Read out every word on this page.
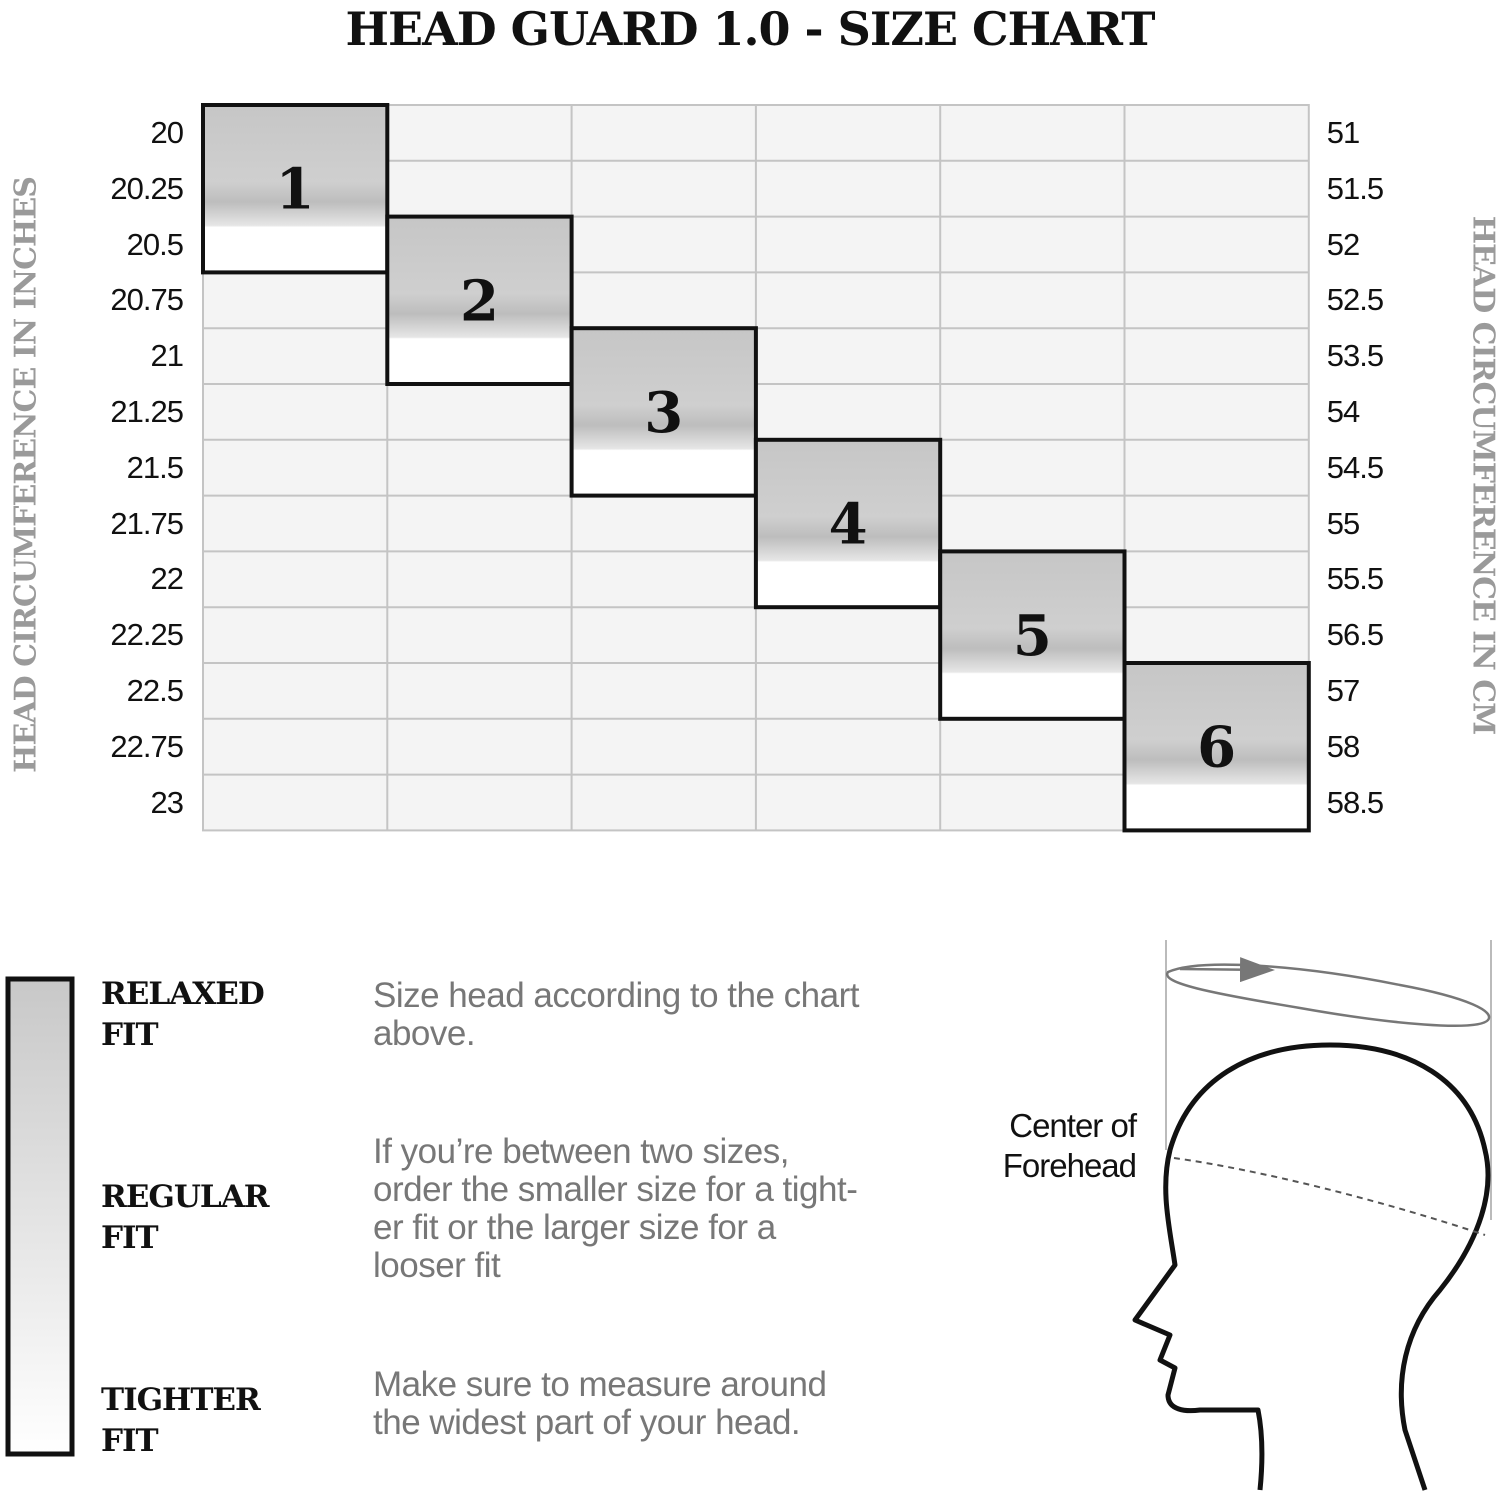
HEAD GUARD 1.0 - SIZE CHART
HEAD CIRCUMFERENCE IN INCHES	HEAD CIRCUMFERENCE IN CM
20
20.25
20.5
20.75
21
21.25
21.5
21.75
22
22.25
22.5
22.75
23
51
51.5
52
52.5
53.5
54
54.5
55
55.5
56.5
57
58
58.5
1
2
3
4
5
6
RELAXED
FIT
REGULAR
FIT
TIGHTER
FIT
Size head according to the chart
above.
If you’re between two sizes,
order the smaller size for a tight-
er fit or the larger size for a
looser fit
Make sure to measure around
the widest part of your head.
Center of
Forehead
